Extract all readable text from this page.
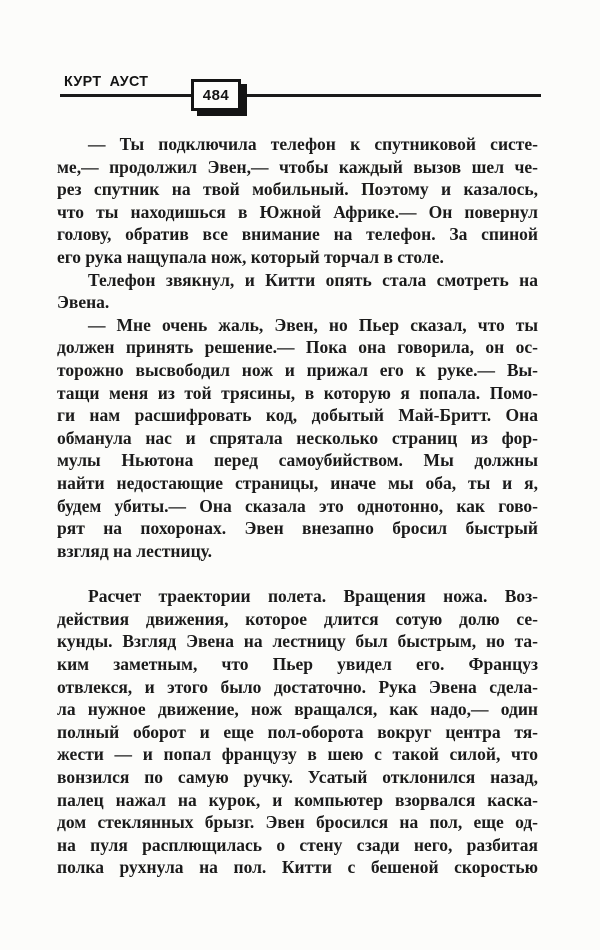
КУРТ АУСТ
484
— Ты подключила телефон к спутниковой систе-
ме,— продолжил Эвен,— чтобы каждый вызов шел че-
рез спутник на твой мобильный. Поэтому и казалось,
что ты находишься в Южной Африке.— Он повернул
голову, обратив все внимание на телефон. За спиной
его рука нащупала нож, который торчал в столе.
Телефон звякнул, и Китти опять стала смотреть на
Эвена.
— Мне очень жаль, Эвен, но Пьер сказал, что ты
должен принять решение.— Пока она говорила, он ос-
торожно высвободил нож и прижал его к руке.— Вы-
тащи меня из той трясины, в которую я попала. Помо-
ги нам расшифровать код, добытый Май-Бритт. Она
обманула нас и спрятала несколько страниц из фор-
мулы Ньютона перед самоубийством. Мы должны
найти недостающие страницы, иначе мы оба, ты и я,
будем убиты.— Она сказала это однотонно, как гово-
рят на похоронах. Эвен внезапно бросил быстрый
взгляд на лестницу.
Расчет траектории полета. Вращения ножа. Воз-
действия движения, которое длится сотую долю се-
кунды. Взгляд Эвена на лестницу был быстрым, но та-
ким заметным, что Пьер увидел его. Француз
отвлекся, и этого было достаточно. Рука Эвена сдела-
ла нужное движение, нож вращался, как надо,— один
полный оборот и еще пол-оборота вокруг центра тя-
жести — и попал французу в шею с такой силой, что
вонзился по самую ручку. Усатый отклонился назад,
палец нажал на курок, и компьютер взорвался каска-
дом стеклянных брызг. Эвен бросился на пол, еще од-
на пуля расплющилась о стену сзади него, разбитая
полка рухнула на пол. Китти с бешеной скоростью
